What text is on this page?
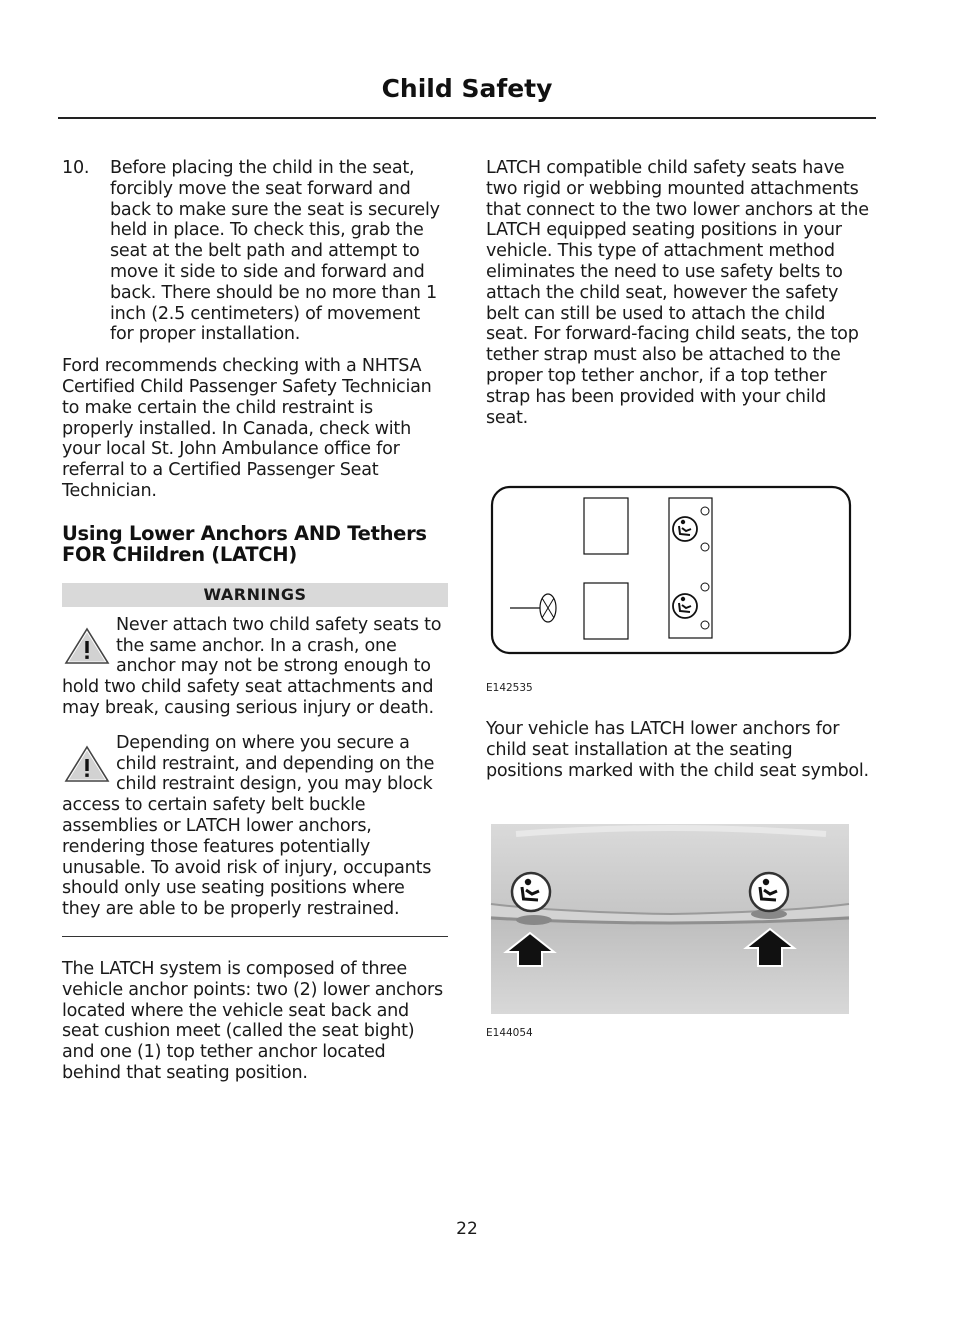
Child Safety

10.	Before placing the child in the seat, forcibly move the seat forward and back to make sure the seat is securely held in place. To check this, grab the seat at the belt path and attempt to move it side to side and forward and back. There should be no more than 1 inch (2.5 centimeters) of movement for proper installation.

Ford recommends checking with a NHTSA Certified Child Passenger Safety Technician to make certain the child restraint is properly installed. In Canada, check with your local St. John Ambulance office for referral to a Certified Passenger Seat Technician.

Using Lower Anchors AND Tethers FOR CHildren (LATCH)
WARNINGS

Never attach two child safety seats to the same anchor. In a crash, one anchor may not be strong enough to hold two child safety seat attachments and may break, causing serious injury or death.

Depending on where you secure a child restraint, and depending on the child restraint design, you may block access to certain safety belt buckle assemblies or LATCH lower anchors, rendering those features potentially unusable. To avoid risk of injury, occupants should only use seating positions where they are able to be properly restrained.

The LATCH system is composed of three vehicle anchor points: two (2) lower anchors located where the vehicle seat back and seat cushion meet (called the seat bight) and one (1) top tether anchor located behind that seating position.

LATCH compatible child safety seats have two rigid or webbing mounted attachments that connect to the two lower anchors at the LATCH equipped seating positions in your vehicle. This type of attachment method eliminates the need to use safety belts to attach the child seat, however the safety belt can still be used to attach the child seat. For forward-facing child seats, the top tether strap must also be attached to the proper top tether anchor, if a top tether strap has been provided with your child seat.

E142535

Your vehicle has LATCH lower anchors for child seat installation at the seating positions marked with the child seat symbol.

E144054
22
